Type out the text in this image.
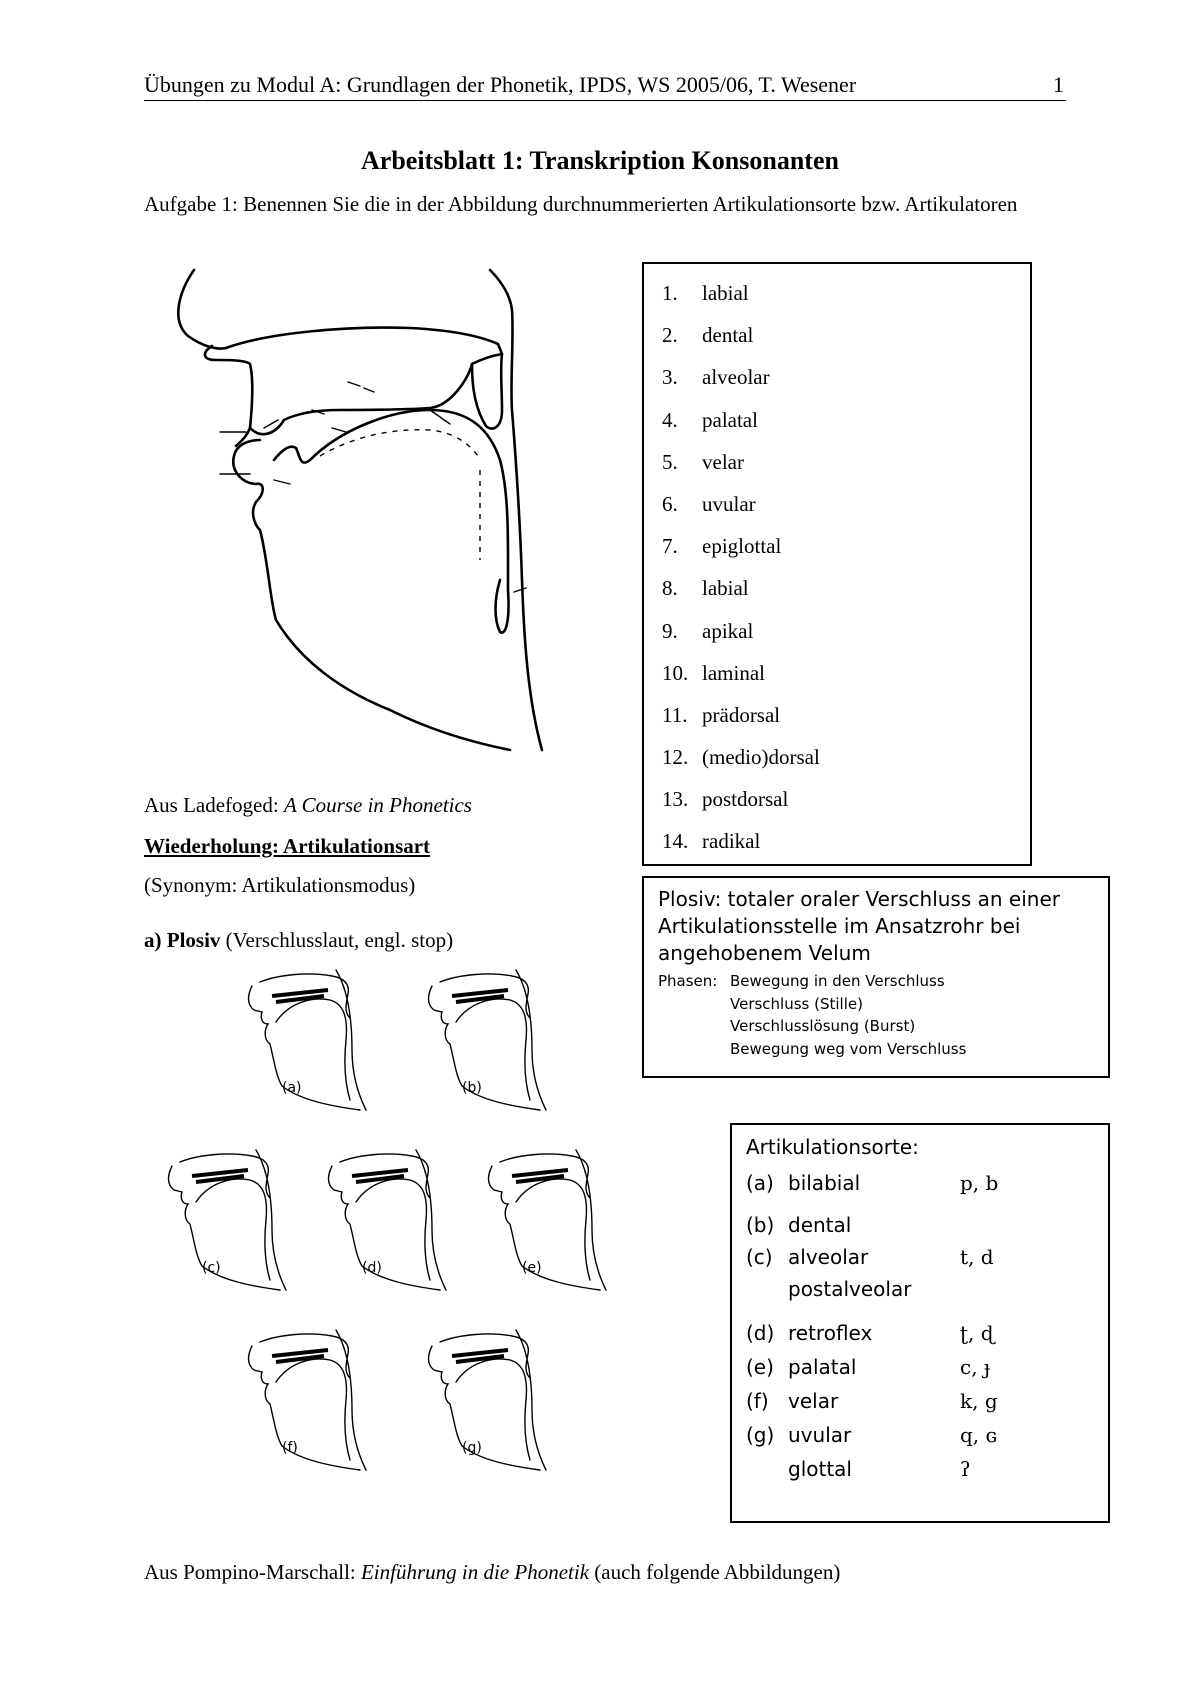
Übungen zu Modul A: Grundlagen der Phonetik, IPDS, WS 2005/06, T. Wesener	1
Arbeitsblatt 1: Transkription Konsonanten
Aufgabe 1: Benennen Sie die in der Abbildung durchnummerierten Artikulationsorte bzw. Artikulatoren
1. labial
2. dental
3. alveolar
4. palatal
5. velar
6. uvular
7. epiglottal
8. labial
9. apikal
10. laminal
11. prädorsal
12. (medio)dorsal
13. postdorsal
14. radikal
Aus Ladefoged: A Course in Phonetics
Wiederholung: Artikulationsart
(Synonym: Artikulationsmodus)
a) Plosiv (Verschlusslaut, engl. stop)
Plosiv: totaler oraler Verschluss an einer Artikulationsstelle im Ansatzrohr bei angehobenem Velum
Phasen: Bewegung in den Verschluss
Verschluss (Stille)
Verschlusslösung (Burst)
Bewegung weg vom Verschluss
(a)	(b)
(c)	(d)	(e)
(f)	(g)
Artikulationsorte:
(a) bilabial	p, b
(b) dental
(c) alveolar	t, d
postalveolar
(d) retroflex	ʈ, ɖ
(e) palatal	c, ɟ
(f) velar	k, g
(g) uvular	q, ɢ
glottal	ʔ
Aus Pompino-Marschall: Einführung in die Phonetik (auch folgende Abbildungen)
